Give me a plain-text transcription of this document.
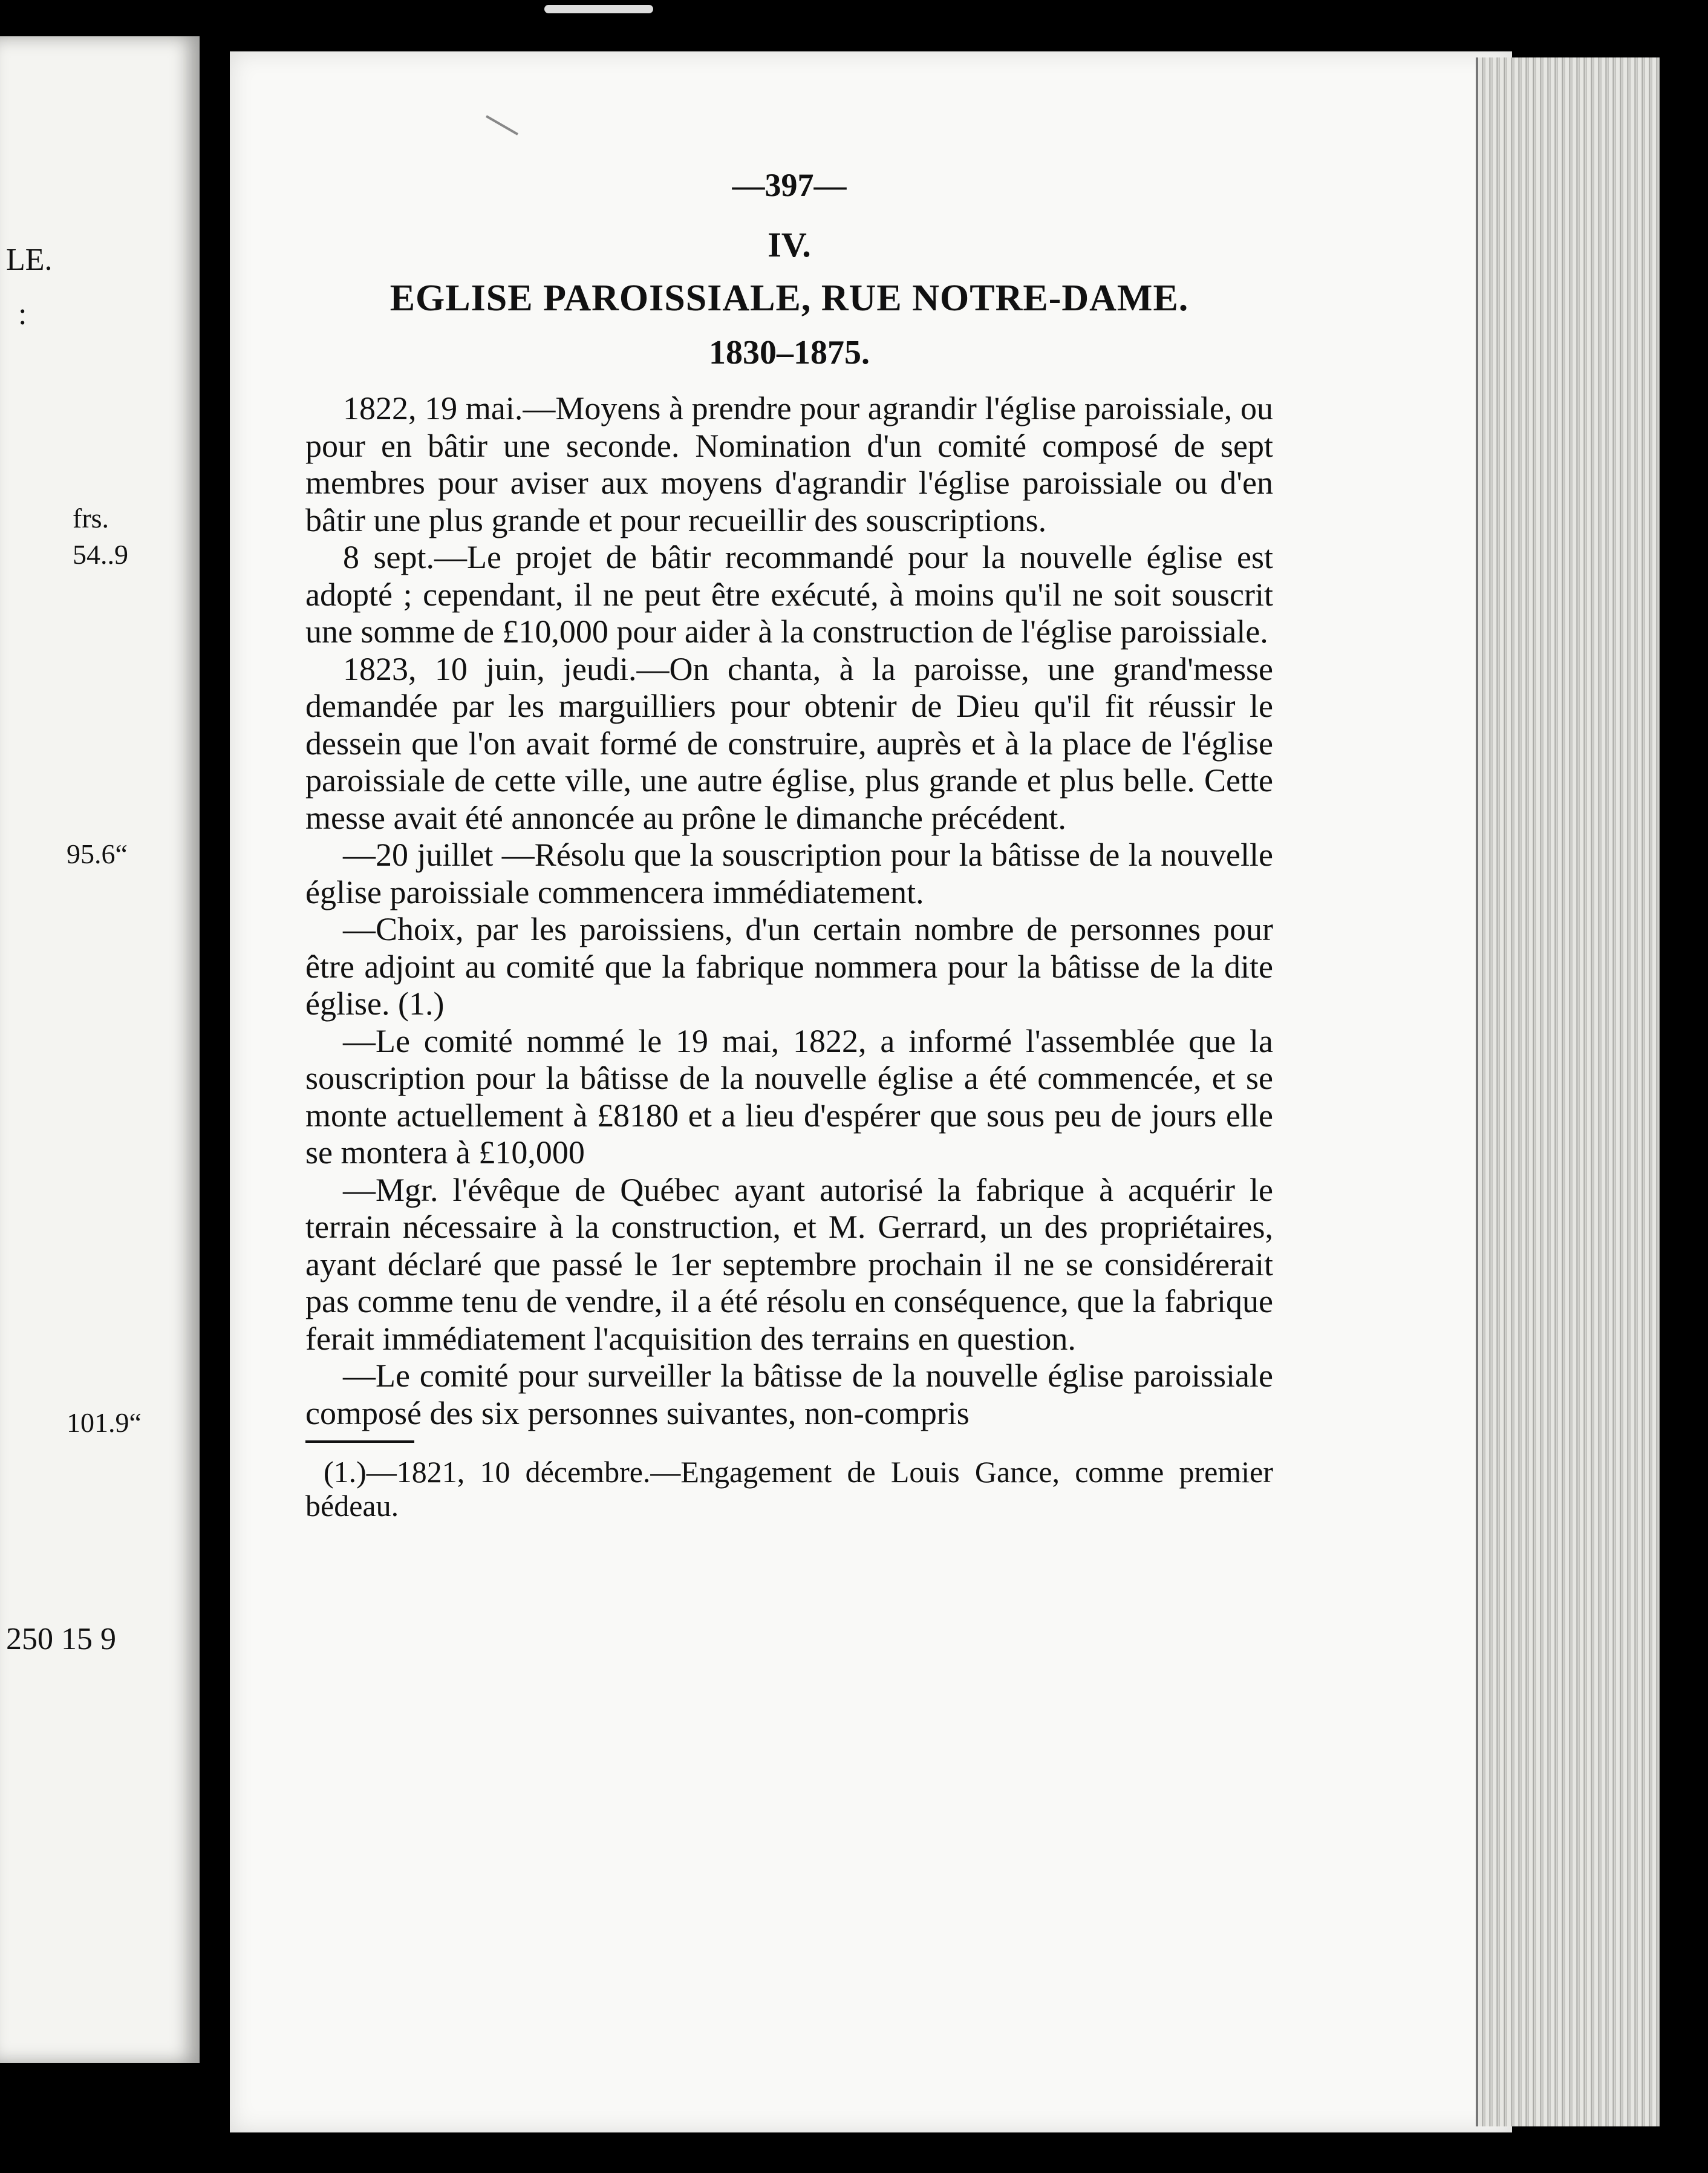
LE.
:
frs.
54..9
95.6“
101.9“
250 15 9
—397—
IV.
EGLISE PAROISSIALE, RUE NOTRE-DAME.
1830–1875.

1822, 19 mai.—Moyens à prendre pour agrandir l'église paroissiale, ou pour en bâtir une seconde. Nomination d'un comité composé de sept membres pour aviser aux moyens d'agrandir l'église paroissiale ou d'en bâtir une plus grande et pour recueillir des souscriptions.

8 sept.—Le projet de bâtir recommandé pour la nouvelle église est adopté ; cependant, il ne peut être exécuté, à moins qu'il ne soit souscrit une somme de £10,000 pour aider à la construction de l'église paroissiale.

1823, 10 juin, jeudi.—On chanta, à la paroisse, une grand'messe demandée par les marguilliers pour obtenir de Dieu qu'il fit réussir le dessein que l'on avait formé de construire, auprès et à la place de l'église paroissiale de cette ville, une autre église, plus grande et plus belle. Cette messe avait été annoncée au prône le dimanche précédent.

—20 juillet —Résolu que la souscription pour la bâtisse de la nouvelle église paroissiale commencera immédiatement.

—Choix, par les paroissiens, d'un certain nombre de personnes pour être adjoint au comité que la fabrique nommera pour la bâtisse de la dite église. (1.)

—Le comité nommé le 19 mai, 1822, a informé l'assemblée que la souscription pour la bâtisse de la nouvelle église a été commencée, et se monte actuellement à £8180 et a lieu d'espérer que sous peu de jours elle se montera à £10,000

—Mgr. l'évêque de Québec ayant autorisé la fabrique à acquérir le terrain nécessaire à la construction, et M. Gerrard, un des propriétaires, ayant déclaré que passé le 1er septembre prochain il ne se considérerait pas comme tenu de vendre, il a été résolu en conséquence, que la fabrique ferait immédiatement l'acquisition des terrains en question.

—Le comité pour surveiller la bâtisse de la nouvelle église paroissiale composé des six personnes suivantes, non-compris

(1.)—1821, 10 décembre.—Engagement de Louis Gance, comme premier bédeau.
